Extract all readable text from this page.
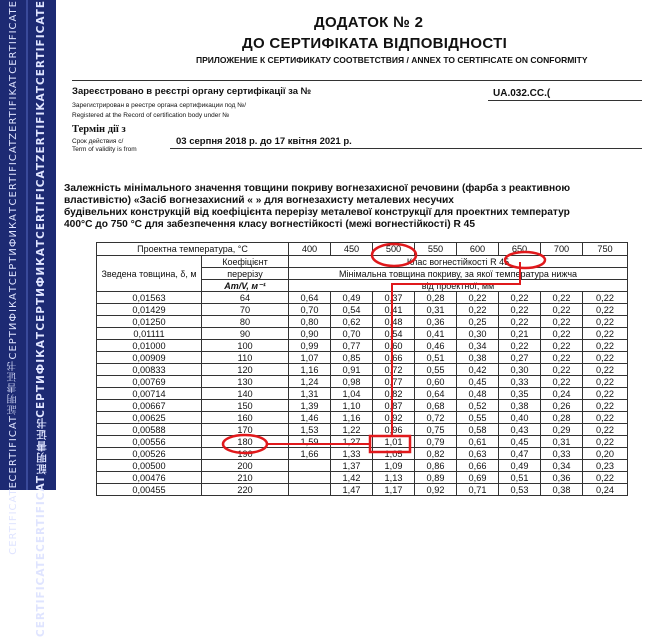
CERTIFICATE
ZERTIFIKAT
CERTIFICAT
СЕРТИФИКАТ
СЕРТИФІКАТ
证书
証明書
CERTIFICAT
CERTIFICATE
CERTIFICATE
ZERTIFIKAT
CERTIFICAT
СЕРТИФИКАТ
СЕРТИФІКАТ
证书
証明書
CERTIFICAT
CERTIFICATE
ДОДАТОК № 2
ДО СЕРТИФІКАТА ВІДПОВІДНОСТІ
ПРИЛОЖЕНИЕ К СЕРТИФИКАТУ СООТВЕТСТВИЯ / ANNEX TO CERTIFICATE ON CONFORMITY
Зареєстровано в реєстрі органу сертифікації за №
Зарегистрирован в реестре органа сертификации под №/
Registered at the Record of certification body under №
UA.032.CC.(
Термін дії з
Срок действия с/
Term of validity is from
03 серпня 2018 р. до 17 квітня 2021 р.
Залежність мінімального значення товщини покриву вогнезахисної речовини (фарба з реактивною
властивістю) «Засіб вогнезахисний « » для вогнезахисту металевих несучих
будівельних конструкцій від коефіцієнта перерізу металевої конструкції для проектних температур
400°С до 750 °С для забезпечення класу вогнестійкості (межі вогнестійкості) R 45
Проектна температура, °С		400	450	500	550	600	650	700	750
Зведена товщина, δ, м	Коефіцієнт	Клас вогнестійкості R 45							
	перерізу	Мінімальна товщина покриву, за якої температура нижча							
	Am/V, м⁻¹	від проектної, мм							
0,01563	64	0,64	0,49	0,37	0,28	0,22	0,22	0,22	0,22
0,01429	70	0,70	0,54	0,41	0,31	0,22	0,22	0,22	0,22
0,01250	80	0,80	0,62	0,48	0,36	0,25	0,22	0,22	0,22
0,01111	90	0,90	0,70	0,54	0,41	0,30	0,21	0,22	0,22
0,01000	100	0,99	0,77	0,60	0,46	0,34	0,22	0,22	0,22
0,00909	110	1,07	0,85	0,66	0,51	0,38	0,27	0,22	0,22
0,00833	120	1,16	0,91	0,72	0,55	0,42	0,30	0,22	0,22
0,00769	130	1,24	0,98	0,77	0,60	0,45	0,33	0,22	0,22
0,00714	140	1,31	1,04	0,82	0,64	0,48	0,35	0,24	0,22
0,00667	150	1,39	1,10	0,87	0,68	0,52	0,38	0,26	0,22
0,00625	160	1,46	1,16	0,92	0,72	0,55	0,40	0,28	0,22
0,00588	170	1,53	1,22	0,96	0,75	0,58	0,43	0,29	0,22
0,00556	180	1,59	1,27	1,01	0,79	0,61	0,45	0,31	0,22
0,00526	190	1,66	1,33	1,05	0,82	0,63	0,47	0,33	0,20
0,00500	200		1,37	1,09	0,86	0,66	0,49	0,34	0,23
0,00476	210		1,42	1,13	0,89	0,69	0,51	0,36	0,22
0,00455	220		1,47	1,17	0,92	0,71	0,53	0,38	0,24
